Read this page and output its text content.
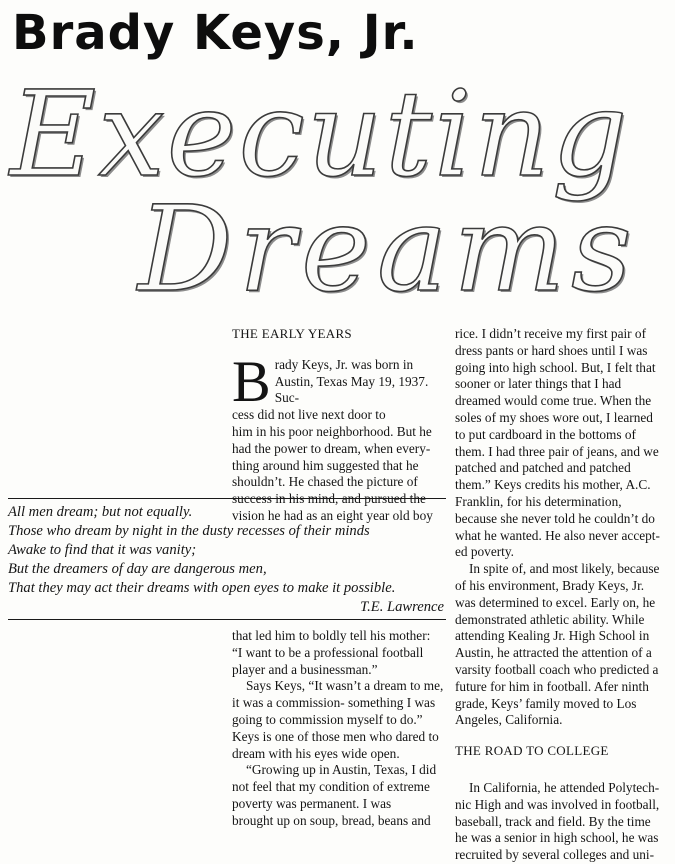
Brady Keys, Jr.
Executing
Dreams

THE EARLY YEARS

B rady Keys, Jr. was born in
Austin, Texas May 19, 1937. Suc-
cess did not live next door to
him in his poor neighborhood. But he
had the power to dream, when every-
thing around him suggested that he
shouldn’t. He chased the picture of
success in his mind, and pursued the
vision he had as an eight year old boy
All men dream; but not equally.
Those who dream by night in the dusty recesses of their minds
Awake to find that it was vanity;
But the dreamers of day are dangerous men,
That they may act their dreams with open eyes to make it possible.
T.E. Lawrence
that led him to boldly tell his mother:
“I want to be a professional football
player and a businessman.”
Says Keys, “It wasn’t a dream to me,
it was a commission- something I was
going to commission myself to do.”
Keys is one of those men who dared to
dream with his eyes wide open.
“Growing up in Austin, Texas, I did
not feel that my condition of extreme
poverty was permanent. I was
brought up on soup, bread, beans and
rice. I didn’t receive my first pair of
dress pants or hard shoes until I was
going into high school. But, I felt that
sooner or later things that I had
dreamed would come true. When the
soles of my shoes wore out, I learned
to put cardboard in the bottoms of
them. I had three pair of jeans, and we
patched and patched and patched
them.” Keys credits his mother, A.C.
Franklin, for his determination,
because she never told he couldn’t do
what he wanted. He also never accept-
ed poverty.
In spite of, and most likely, because
of his environment, Brady Keys, Jr.
was determined to excel. Early on, he
demonstrated athletic ability. While
attending Kealing Jr. High School in
Austin, he attracted the attention of a
varsity football coach who predicted a
future for him in football. Afer ninth
grade, Keys’ family moved to Los
Angeles, California.
THE ROAD TO COLLEGE
In California, he attended Polytech-
nic High and was involved in football,
baseball, track and field. By the time
he was a senior in high school, he was
recruited by several colleges and uni-
